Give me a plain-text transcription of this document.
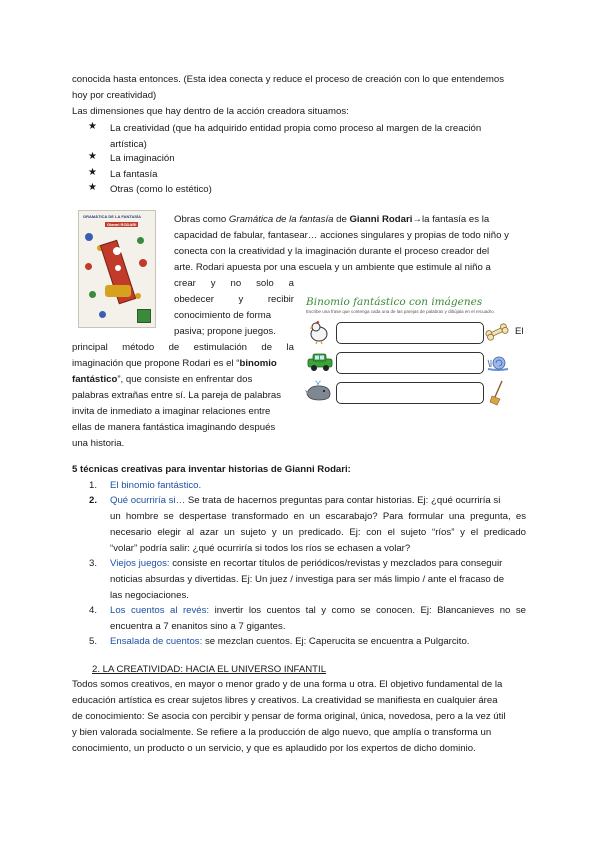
conocida hasta entonces. (Esta idea conecta y reduce el proceso de creación con lo que entendemos

hoy por creatividad)

Las dimensiones que hay dentro de la acción creadora situamos:

★ La creatividad (que ha adquirido entidad propia como proceso al margen de la creación

artística)

★ La imaginación

★ La fantasía

★ Otras (como lo estético)

GRAMÁTICA DE LA FANTASÍA
Gianni RODARI	Obras como Gramática de la fantasía de Gianni Rodari→la fantasía es la

capacidad de fabular, fantasear… acciones singulares y propias de todo niño y

conecta con la creatividad y la imaginación durante el proceso creador del

arte. Rodari apuesta por una escuela y un ambiente que estimule al niño a

crear y no solo a

obedecer y recibir

conocimiento de forma

pasiva; propone juegos.	El

principal método de estimulación de la

imaginación que propone Rodari es el “binomio

fantástico”, que consiste en enfrentar dos

palabras extrañas entre sí. La pareja de palabras

invita de inmediato a imaginar relaciones entre

ellas de manera fantástica imaginando después

una historia.

Binomio fantástico con imágenes
Escribe una frase que contenga cada una de las parejas de palabras y dibújala en el recuadro.

5 técnicas creativas para inventar historias de Gianni Rodari:

1. El binomio fantástico.

2. Qué ocurriría si… Se trata de hacernos preguntas para contar historias. Ej: ¿qué ocurriría si

un hombre se despertase transformado en un escarabajo? Para formular una pregunta, es

necesario elegir al azar un sujeto y un predicado. Ej: con el sujeto “ríos” y el predicado

“volar” podría salir: ¿qué ocurriría si todos los ríos se echasen a volar?

3. Viejos juegos: consiste en recortar títulos de periódicos/revistas y mezclados para conseguir

noticias absurdas y divertidas. Ej: Un juez / investiga para ser más limpio / ante el fracaso de

las negociaciones.

4. Los cuentos al revés: invertir los cuentos tal y como se conocen. Ej: Blancanieves no se

encuentra a 7 enanitos sino a 7 gigantes.

5. Ensalada de cuentos: se mezclan cuentos. Ej: Caperucita se encuentra a Pulgarcito.

2. LA CREATIVIDAD: HACIA EL UNIVERSO INFANTIL

Todos somos creativos, en mayor o menor grado y de una forma u otra. El objetivo fundamental de la

educación artística es crear sujetos libres y creativos. La creatividad se manifiesta en cualquier área

de conocimiento: Se asocia con percibir y pensar de forma original, única, novedosa, pero a la vez útil

y bien valorada socialmente. Se refiere a la producción de algo nuevo, que amplía o transforma un

conocimiento, un producto o un servicio, y que es aplaudido por los expertos de dicho dominio.
